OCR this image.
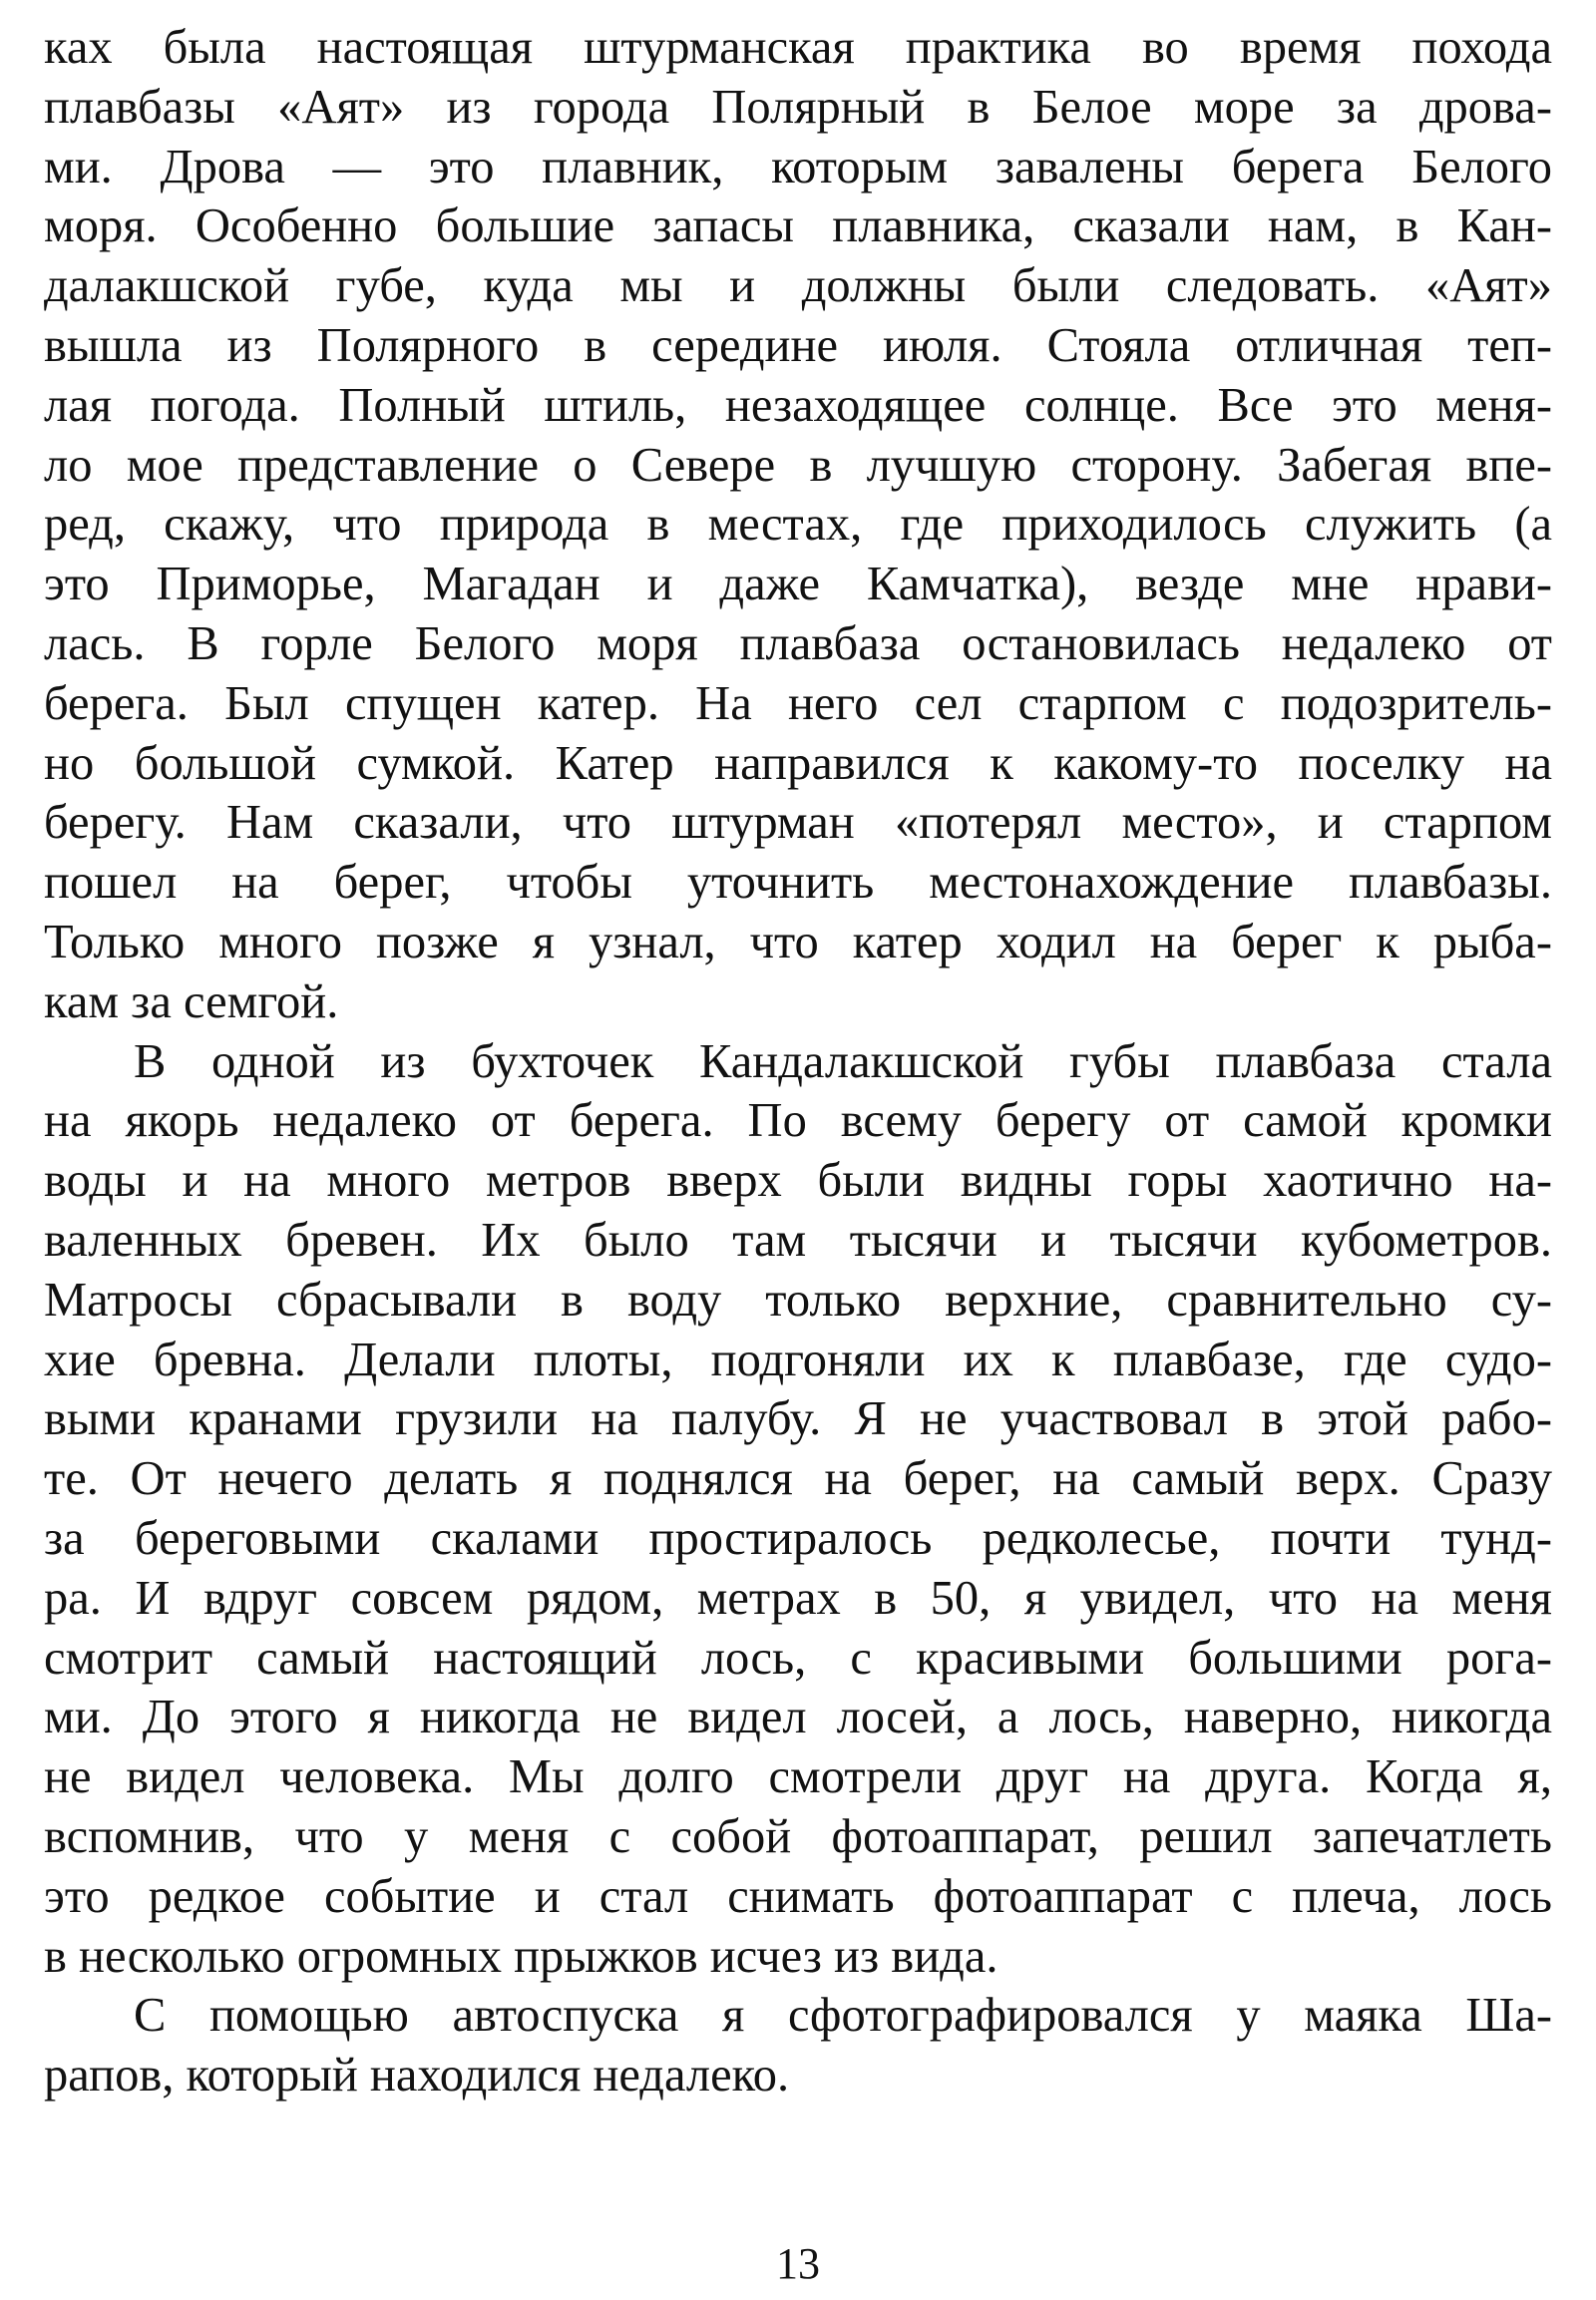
ках была настоящая штурманская практика во время похода
плавбазы «Аят» из города Полярный в Белое море за дрова-
ми. Дрова — это плавник, которым завалены берега Белого
моря. Особенно большие запасы плавника, сказали нам, в Кан-
далакшской губе, куда мы и должны были следовать. «Аят»
вышла из Полярного в середине июля. Стояла отличная теп-
лая погода. Полный штиль, незаходящее солнце. Все это меня-
ло мое представление о Севере в лучшую сторону. Забегая впе-
ред, скажу, что природа в местах, где приходилось служить (а
это Приморье, Магадан и даже Камчатка), везде мне нрави-
лась. В горле Белого моря плавбаза остановилась недалеко от
берега. Был спущен катер. На него сел старпом с подозритель-
но большой сумкой. Катер направился к какому-то поселку на
берегу. Нам сказали, что штурман «потерял место», и старпом
пошел на берег, чтобы уточнить местонахождение плавбазы.
Только много позже я узнал, что катер ходил на берег к рыба-
кам за семгой.
В одной из бухточек Кандалакшской губы плавбаза стала
на якорь недалеко от берега. По всему берегу от самой кромки
воды и на много метров вверх были видны горы хаотично на-
валенных бревен. Их было там тысячи и тысячи кубометров.
Матросы сбрасывали в воду только верхние, сравнительно су-
хие бревна. Делали плоты, подгоняли их к плавбазе, где судо-
выми кранами грузили на палубу. Я не участвовал в этой рабо-
те. От нечего делать я поднялся на берег, на самый верх. Сразу
за береговыми скалами простиралось редколесье, почти тунд-
ра. И вдруг совсем рядом, метрах в 50, я увидел, что на меня
смотрит самый настоящий лось, с красивыми большими рога-
ми. До этого я никогда не видел лосей, а лось, наверно, никогда
не видел человека. Мы долго смотрели друг на друга. Когда я,
вспомнив, что у меня с собой фотоаппарат, решил запечатлеть
это редкое событие и стал снимать фотоаппарат с плеча, лось
в несколько огромных прыжков исчез из вида.
С помощью автоспуска я сфотографировался у маяка Ша-
рапов, который находился недалеко.
13
